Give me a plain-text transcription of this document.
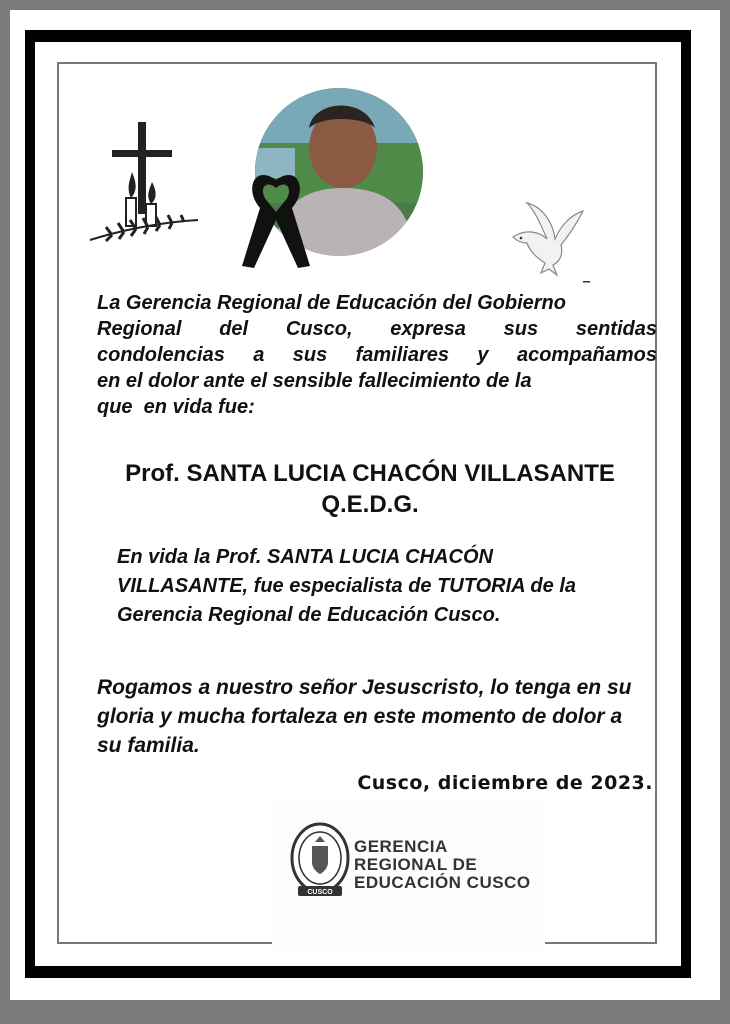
La Gerencia Regional de Educación del Gobierno
Regional del Cusco, expresa sus sentidas
condolencias a sus familiares y acompañamos
en el dolor ante el sensible fallecimiento de la
que  en vida fue:
Prof. SANTA LUCIA CHACÓN VILLASANTE
Q.E.D.G.
En vida la Prof. SANTA LUCIA CHACÓN
VILLASANTE, fue especialista de TUTORIA de la
Gerencia Regional de Educación Cusco.
Rogamos a nuestro señor Jesuscristo, lo tenga en su
gloria y mucha fortaleza en este momento de dolor a
su familia.
Cusco, diciembre de 2023.
CUSCO
GERENCIA
REGIONAL DE
EDUCACIÓN CUSCO
